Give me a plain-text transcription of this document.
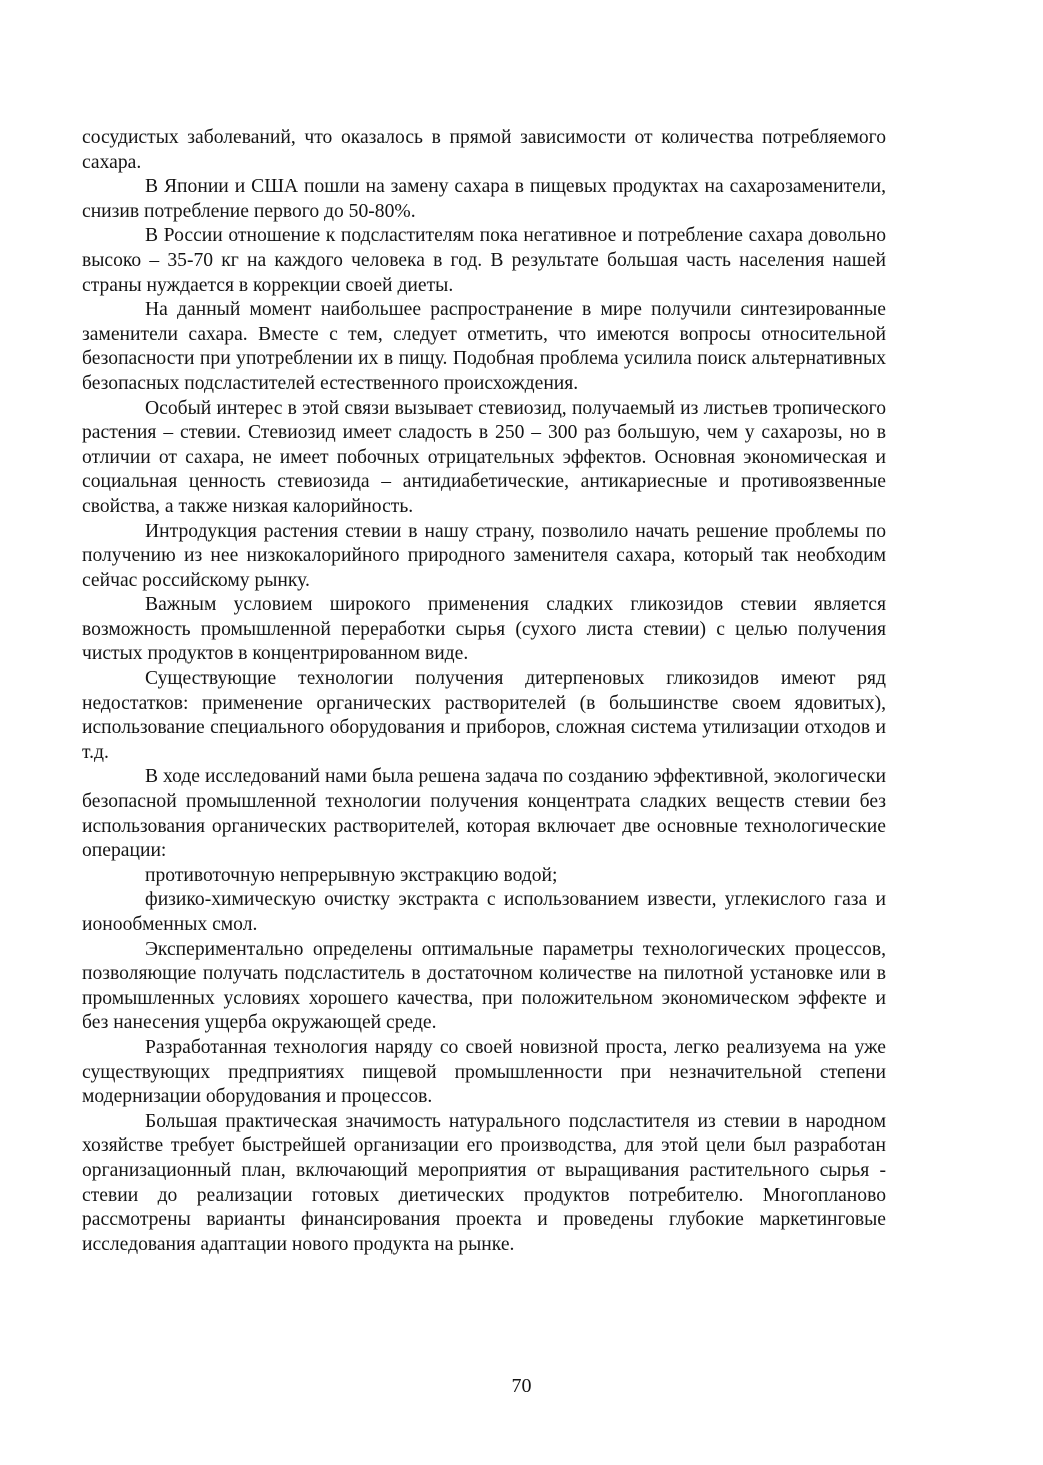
сосудистых заболеваний, что оказалось в прямой зависимости от количества потребляемого сахара.

В Японии и США пошли на замену сахара в пищевых продуктах на сахарозаменители, снизив потребление первого до 50-80%.

В России отношение к подсластителям пока негативное и потребление сахара довольно высоко – 35-70 кг на каждого человека в год. В результате большая часть населения нашей страны нуждается в коррекции своей диеты.

На данный момент наибольшее распространение в мире получили синтезированные заменители сахара. Вместе с тем, следует отметить, что имеются вопросы относительной безопасности при употреблении их в пищу. Подобная проблема усилила поиск альтернативных безопасных подсластителей естественного происхождения.

Особый интерес в этой связи вызывает стевиозид, получаемый из листьев тропического растения – стевии. Стевиозид имеет сладость в 250 – 300 раз большую, чем у сахарозы, но в отличии от сахара, не имеет побочных отрицательных эффектов. Основная экономическая и социальная ценность стевиозида – антидиабетические, антикариесные и противоязвенные свойства, а также низкая калорийность.

Интродукция растения стевии в нашу страну, позволило начать решение проблемы по получению из нее низкокалорийного природного заменителя сахара, который так необходим сейчас российскому рынку.

Важным условием широкого применения сладких гликозидов стевии является возможность промышленной переработки сырья (сухого листа стевии) с целью получения чистых продуктов в концентрированном виде.

Существующие технологии получения дитерпеновых гликозидов имеют ряд недостатков: применение органических растворителей (в большинстве своем ядовитых), использование специального оборудования и приборов, сложная система утилизации отходов и т.д.

В ходе исследований нами была решена задача по созданию эффективной, экологически безопасной промышленной технологии получения концентрата сладких веществ стевии без использования органических растворителей, которая включает две основные технологические операции:

противоточную непрерывную экстракцию водой;

физико-химическую очистку экстракта с использованием извести, углекислого газа и ионообменных смол.

Экспериментально определены оптимальные параметры технологических процессов, позволяющие получать подсластитель в достаточном количестве на пилотной установке или в промышленных условиях хорошего качества, при положительном экономическом эффекте и без нанесения ущерба окружающей среде.

Разработанная технология наряду со своей новизной проста, легко реализуема на уже существующих предприятиях пищевой промышленности при незначительной степени модернизации оборудования и процессов.

Большая практическая значимость натурального подсластителя из стевии в народном хозяйстве требует быстрейшей организации его производства, для этой цели был разработан организационный план, включающий мероприятия от выращивания растительного сырья - стевии до реализации готовых диетических продуктов потребителю. Многопланово рассмотрены варианты финансирования проекта и проведены глубокие маркетинговые исследования адаптации нового продукта на рынке.

70
